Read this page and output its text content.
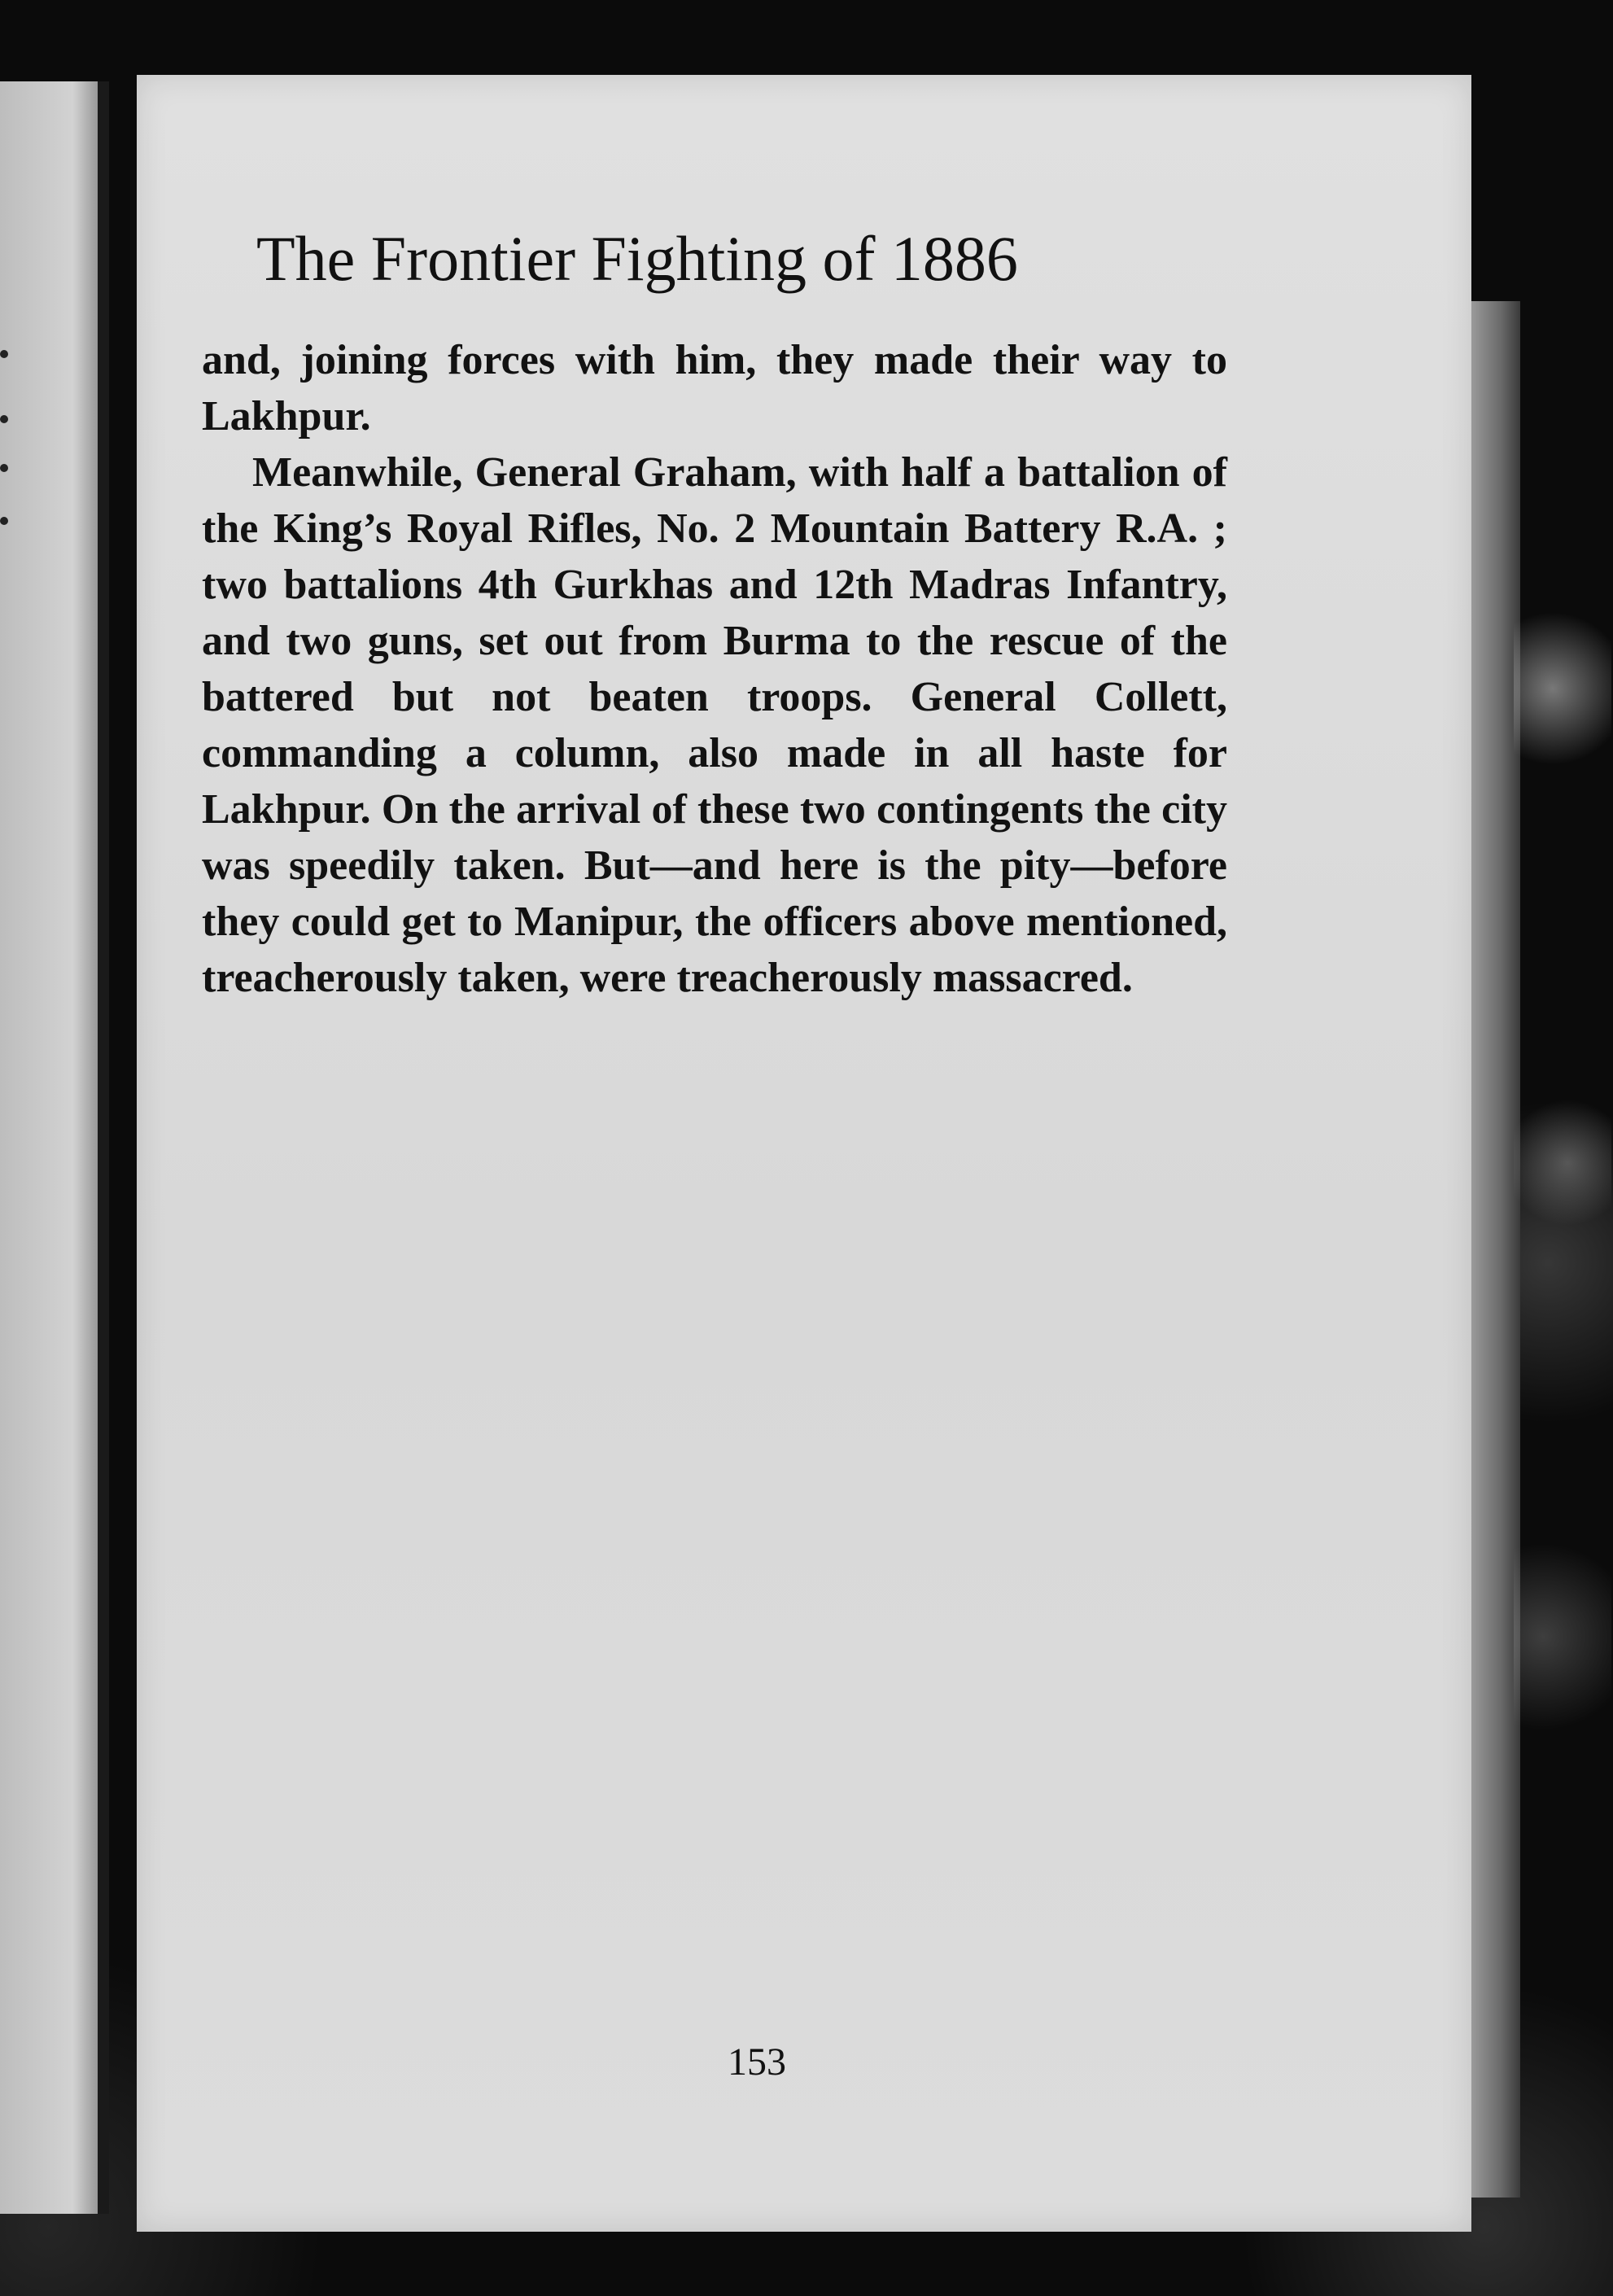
The Frontier Fighting of 1886

and, joining forces with him, they made their way to Lakhpur.

Meanwhile, General Graham, with half a battalion of the King’s Royal Rifles, No. 2 Mountain Battery R.A. ; two battalions 4th Gurkhas and 12th Madras Infantry, and two guns, set out from Burma to the rescue of the battered but not beaten troops. General Collett, commanding a column, also made in all haste for Lakhpur. On the arrival of these two contingents the city was speedily taken. But—and here is the pity—before they could get to Manipur, the officers above mentioned, treacherously taken, were treacherously massacred.

153
